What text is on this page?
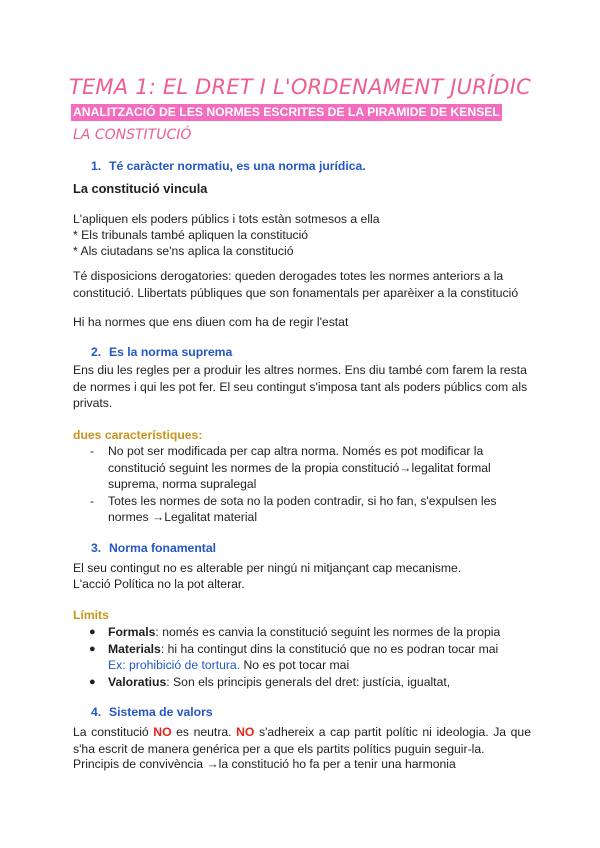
TEMA 1: EL DRET I L'ORDENAMENT JURÍDIC
ANALITZACIÓ DE LES NORMES ESCRITES DE LA PIRAMIDE DE KENSEL
LA CONSTITUCIÓ
1. Té caràcter normatiu, es una norma jurídica.
La constitució vincula
L'apliquen els poders públics i tots estàn sotmesos a ella
* Els tribunals també apliquen la constitució
* Als ciutadans se'ns aplica la constitució
Té disposicions derogatories: queden derogades totes les normes anteriors a la constitució. Llibertats públiques que son fonamentals per aparèixer a la constitució
Hi ha normes que ens diuen com ha de regir l'estat
2. Es la norma suprema
Ens diu les regles per a produir les altres normes. Ens diu també com farem la resta de normes i qui les pot fer. El seu contingut s'imposa tant als poders públics com als privats.
dues característiques:
- No pot ser modificada per cap altra norma. Només es pot modificar la constitució seguint les normes de la propia constitució→legalitat formal suprema, norma supralegal
- Totes les normes de sota no la poden contradir, si ho fan, s'expulsen les normes →Legalitat material
3. Norma fonamental
El seu contingut no es alterable per ningú ni mitjançant cap mecanisme.
L'acció Política no la pot alterar.
Límits
● Formals: només es canvia la constitució seguint les normes de la propia
● Materials: hi ha contingut dins la constitució que no es podran tocar mai
Ex: prohibició de tortura. No es pot tocar mai
● Valoratius: Son els principis generals del dret: justícia, igualtat,
4. Sistema de valors
La constitució NO es neutra. NO s'adhereix a cap partit polític ni ideologia. Ja que s'ha escrit de manera genérica per a que els partits polítics puguin seguir-la.
Principis de convivència →la constitució ho fa per a tenir una harmonia
